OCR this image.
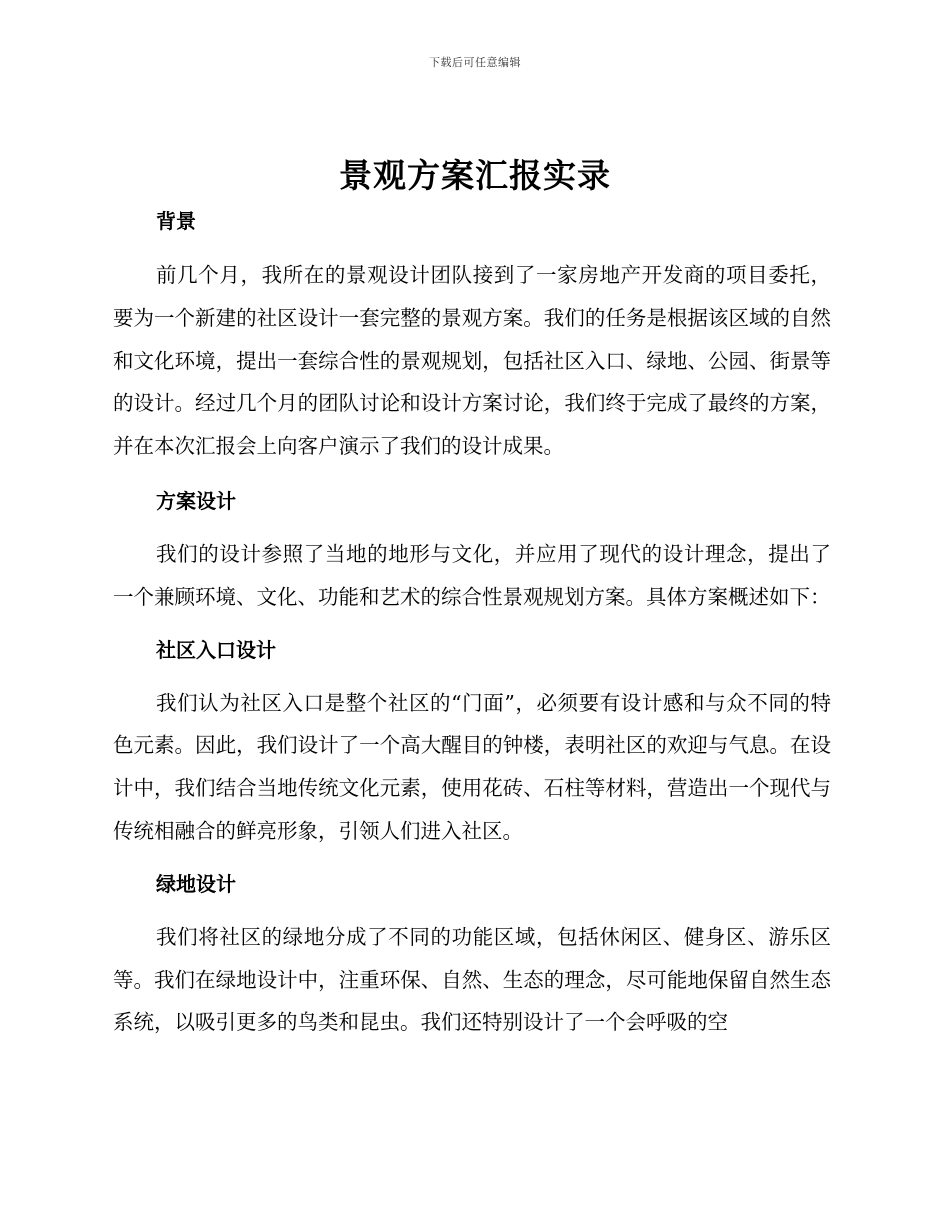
下载后可任意编辑
景观方案汇报实录
背景

前几个月，我所在的景观设计团队接到了一家房地产开发商的项目委托，要为一个新建的社区设计一套完整的景观方案。我们的任务是根据该区域的自然和文化环境，提出一套综合性的景观规划，包括社区入口、绿地、公园、街景等的设计。经过几个月的团队讨论和设计方案讨论，我们终于完成了最终的方案，并在本次汇报会上向客户演示了我们的设计成果。

方案设计

我们的设计参照了当地的地形与文化，并应用了现代的设计理念，提出了一个兼顾环境、文化、功能和艺术的综合性景观规划方案。具体方案概述如下：

社区入口设计

我们认为社区入口是整个社区的“门面”，必须要有设计感和与众不同的特色元素。因此，我们设计了一个高大醒目的钟楼，表明社区的欢迎与气息。在设计中，我们结合当地传统文化元素，使用花砖、石柱等材料，营造出一个现代与传统相融合的鲜亮形象，引领人们进入社区。

绿地设计

我们将社区的绿地分成了不同的功能区域，包括休闲区、健身区、游乐区等。我们在绿地设计中，注重环保、自然、生态的理念，尽可能地保留自然生态系统，以吸引更多的鸟类和昆虫。我们还特别设计了一个会呼吸的空
